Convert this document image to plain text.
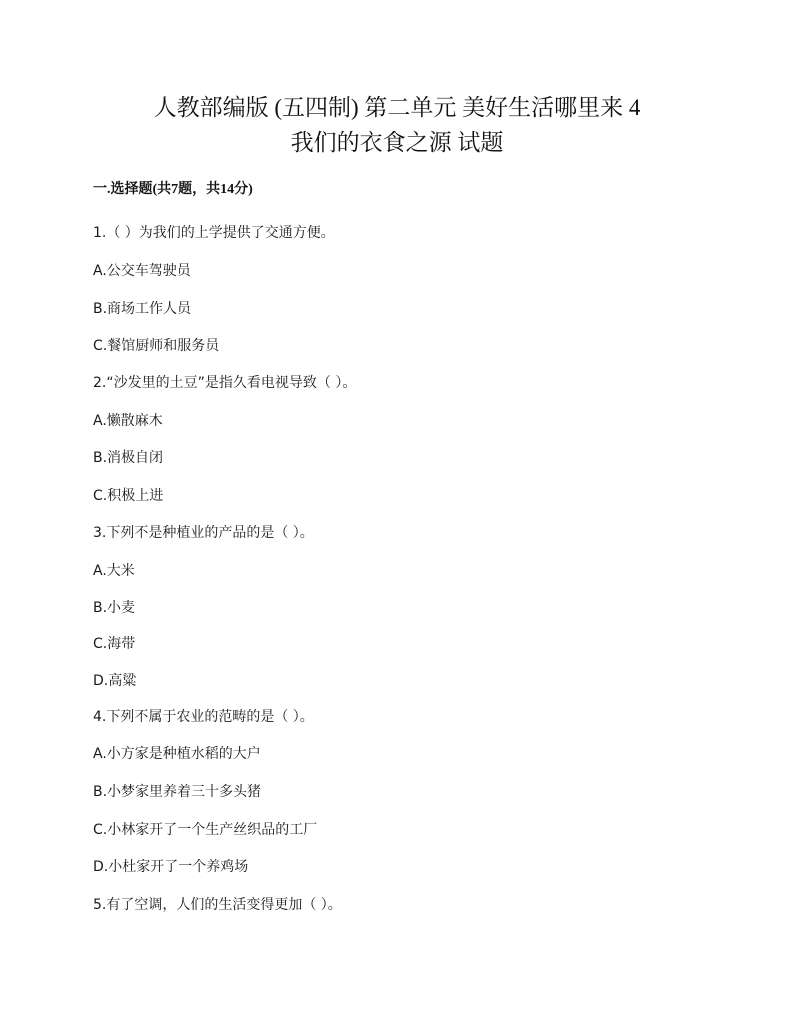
人教部编版 (五四制) 第二单元 美好生活哪里来 4
我们的衣食之源 试题
一.选择题(共7题，共14分)
1.（ ）为我们的上学提供了交通方便。
A.公交车驾驶员
B.商场工作人员
C.餐馆厨师和服务员
2.“沙发里的土豆”是指久看电视导致（ ）。
A.懒散麻木
B.消极自闭
C.积极上进
3.下列不是种植业的产品的是（ ）。
A.大米
B.小麦
C.海带
D.高粱
4.下列不属于农业的范畴的是（ ）。
A.小方家是种植水稻的大户
B.小梦家里养着三十多头猪
C.小林家开了一个生产丝织品的工厂
D.小杜家开了一个养鸡场
5.有了空调，人们的生活变得更加（ ）。
